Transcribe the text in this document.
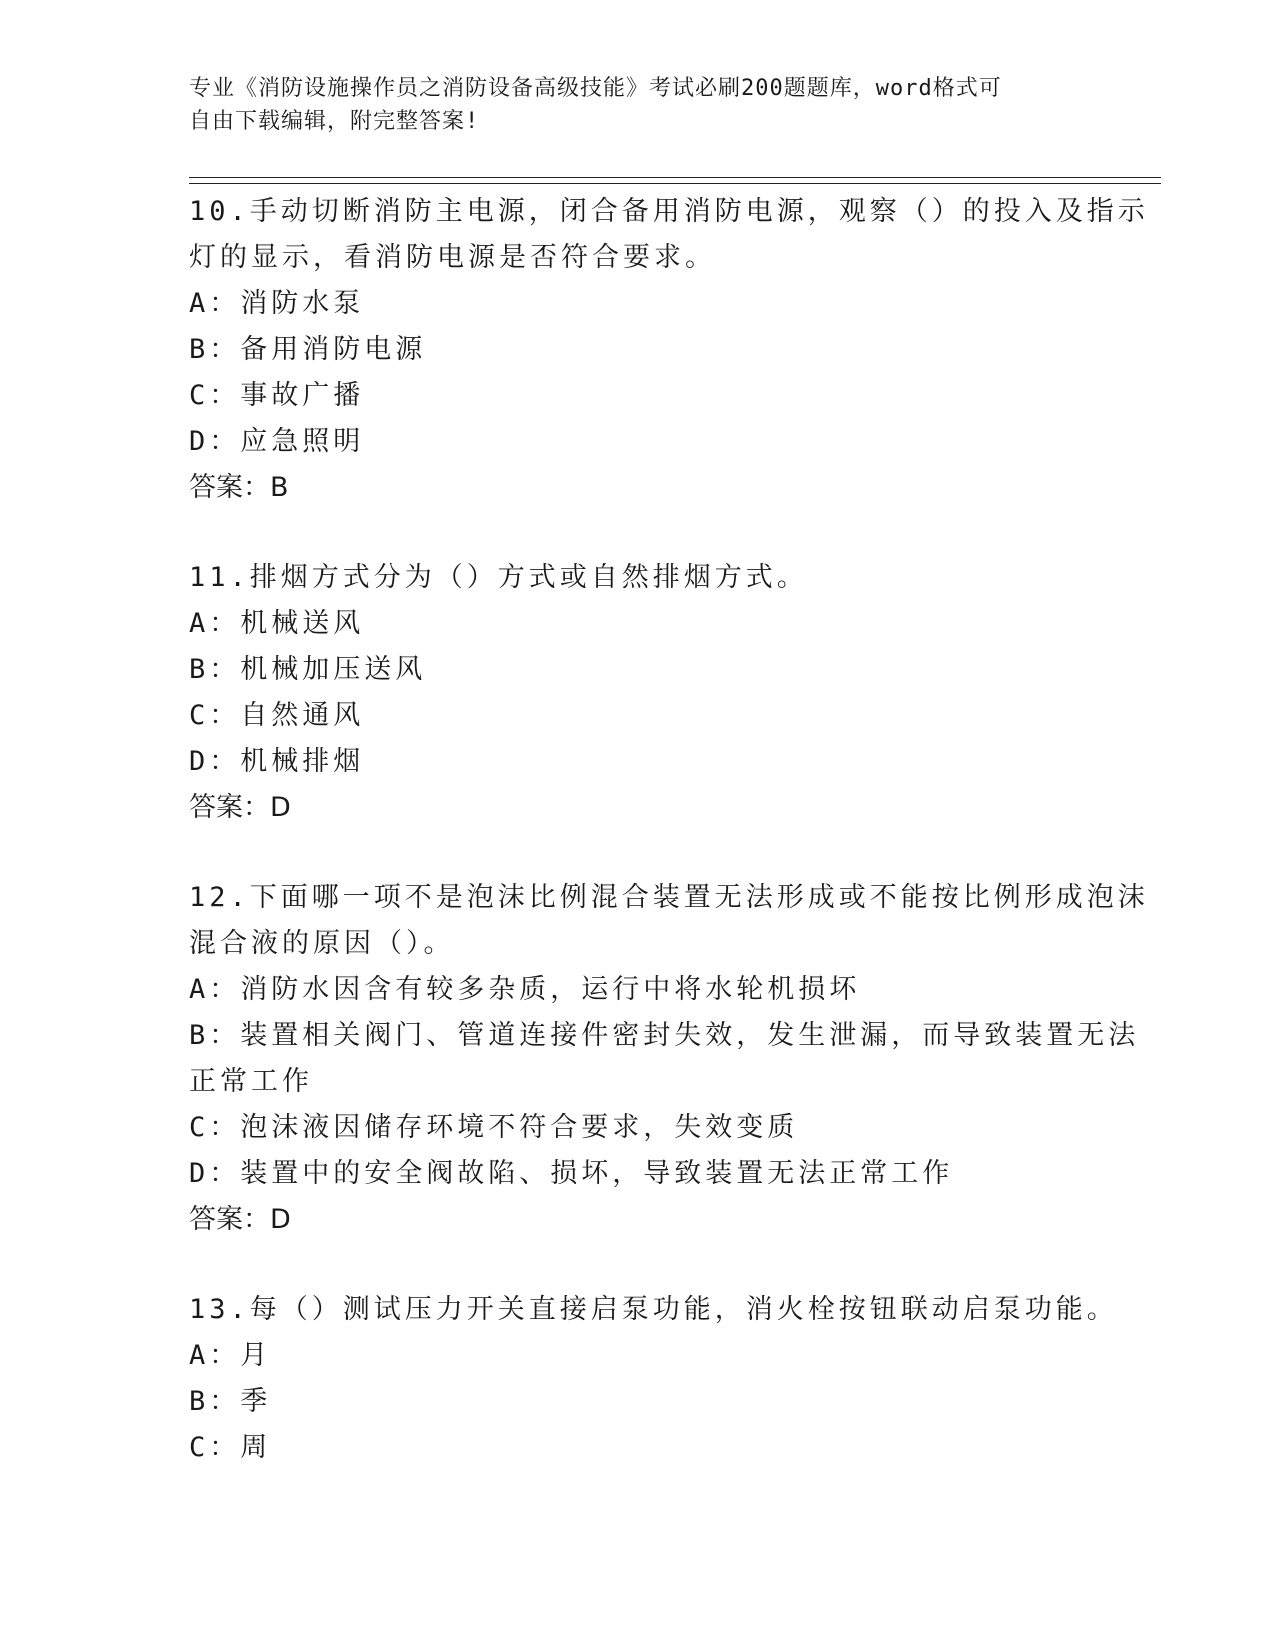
专业《消防设施操作员之消防设备高级技能》考试必刷200题题库，word格式可
自由下载编辑，附完整答案!
10.手动切断消防主电源，闭合备用消防电源，观察（）的投入及指示
灯的显示，看消防电源是否符合要求。
A：消防水泵
B：备用消防电源
C：事故广播
D：应急照明
答案：B
11.排烟方式分为（）方式或自然排烟方式。
A：机械送风
B：机械加压送风
C：自然通风
D：机械排烟
答案：D
12.下面哪一项不是泡沫比例混合装置无法形成或不能按比例形成泡沫
混合液的原因（）。
A：消防水因含有较多杂质，运行中将水轮机损坏
B：装置相关阀门、管道连接件密封失效，发生泄漏，而导致装置无法
正常工作
C：泡沫液因储存环境不符合要求，失效变质
D：装置中的安全阀故陷、损坏，导致装置无法正常工作
答案：D
13.每（）测试压力开关直接启泵功能，消火栓按钮联动启泵功能。
A：月
B：季
C：周
